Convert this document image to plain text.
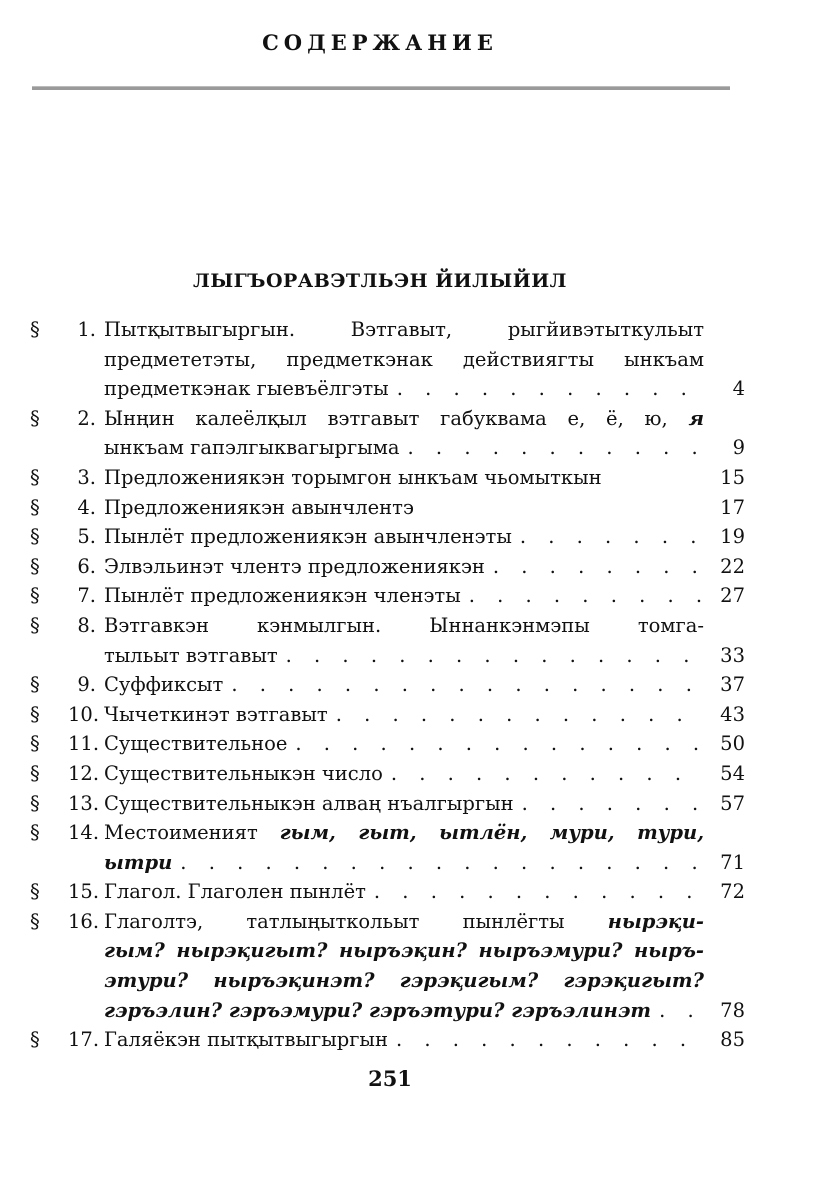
СОДЕРЖАНИЕ
ЛЫГЪОРАВЭТЛЬЭН ЙИЛЫЙИЛ
§	1. Пытқытвыгыргын. Вэтгавыт, рыгйивэтыткульыт
предмететэты, предметкэнак действиягты ынкъам
предметкэнак гыевъёлгэты . . .	4
§	2. Ынңин калеёлқыл вэтгавыт габуквама е, ё, ю, я
ынкъам гапэлгыквагыргыма . . .	9
§	3. Предложениякэн торымгон ынкъам чьомыткын	15
§	4. Предложениякэн авынчлентэ	17
§	5. Пынлёт предложениякэн авынчленэты . . .	19
§	6. Элвэльинэт члентэ предложениякэн . . .	22
§	7. Пынлёт предложениякэн членэты . . .	27
§	8. Вэтгавкэн кэнмылгын. Ыннанкэнмэпы томга-
тыльыт вэтгавыт . . .	33
§	9. Суффиксыт . . .	37
§	10. Чычеткинэт вэтгавыт . . .	43
§	11. Существительное . . .	50
§	12. Существительныкэн число . . .	54
§	13. Существительныкэн алваң нъалгыргын . . .	57
§	14. Местоименият гым, гыт, ытлён, мури, тури,
ытри . . .	71
§	15. Глагол. Глаголен пынлёт . . .	72
§	16. Глаголтэ, татлыңыткольыт пынлёгты нырэқи-
гым? нырэқигыт? ныръэқин? ныръэмури? ныръ-
этури? ныръэқинэт? гэрэқигым? гэрэқигыт?
гэръэлин? гэръэмури? гэръэтури? гэръэлинэт . . .	78
§	17. Галяёкэн пытқытвыгыргын . . .	85
251
